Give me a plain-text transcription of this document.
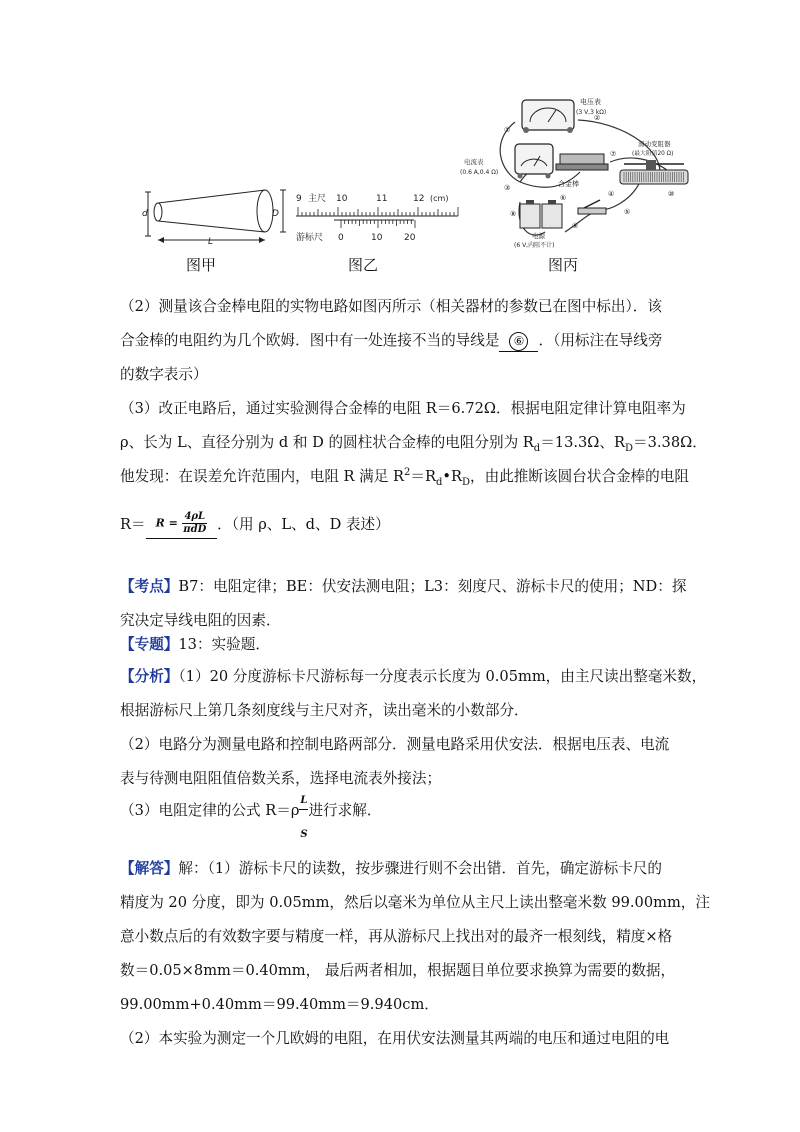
d	D
L
图甲
9 主尺 10	11	12 (cm)
游标尺 0	10 20
图乙
电压表
(3 V,3 kΩ)
电流表
(0.6 A,0.4 Ω)
合金棒
滑动变阻器
(最大阻值20 Ω)
电源
(6 V,内阻不计)
①
②
③
④
⑤
⑥
⑦
⑧
⑨
⑩
图丙
（2）测量该合金棒电阻的实物电路如图丙所示（相关器材的参数已在图中标出）．该
合金棒的电阻约为几个欧姆．图中有一处连接不当的导线是 ⑥ ．（用标注在导线旁
的数字表示）
（3）改正电路后，通过实验测得合金棒的电阻 R＝6.72Ω．根据电阻定律计算电阻率为
ρ、长为 L、直径分别为 d 和 D 的圆柱状合金棒的电阻分别为 $R_d=13.3\Omega$、$R_D=3.38\Omega$．
他发现：在误差允许范围内，电阻 R 满足 $R^2=R_d•R_D$，由此推断该圆台状合金棒的电阻
$R= R = \frac{4\rho L}{\text{πdD}}$ ．（用 ρ、L、d、D 表述）
【考点】B7：电阻定律；BE：伏安法测电阻；L3：刻度尺、游标卡尺的使用；ND：探
究决定导线电阻的因素．
【专题】13：实验题．
【分析】（1）20 分度游标卡尺游标每一分度表示长度为 0.05mm，由主尺读出整毫米数，
根据游标尺上第几条刻度线与主尺对齐，读出毫米的小数部分．
（2）电路分为测量电路和控制电路两部分．测量电路采用伏安法．根据电压表、电流
表与待测电阻阻值倍数关系，选择电流表外接法；
（3）电阻定律的公式 $R=\rho \frac{L}{S}$ 进行求解．
【解答】解：（1）游标卡尺的读数，按步骤进行则不会出错．首先，确定游标卡尺的
精度为 20 分度，即为 0.05mm，然后以毫米为单位从主尺上读出整毫米数 99.00mm，注
意小数点后的有效数字要与精度一样，再从游标尺上找出对的最齐一根刻线，精度×格
数＝0.05×8mm＝0.40mm， 最后两者相加，根据题目单位要求换算为需要的数据，
99.00mm+0.40mm＝99.40mm＝9.940cm．
（2）本实验为测定一个几欧姆的电阻，在用伏安法测量其两端的电压和通过电阻的电
